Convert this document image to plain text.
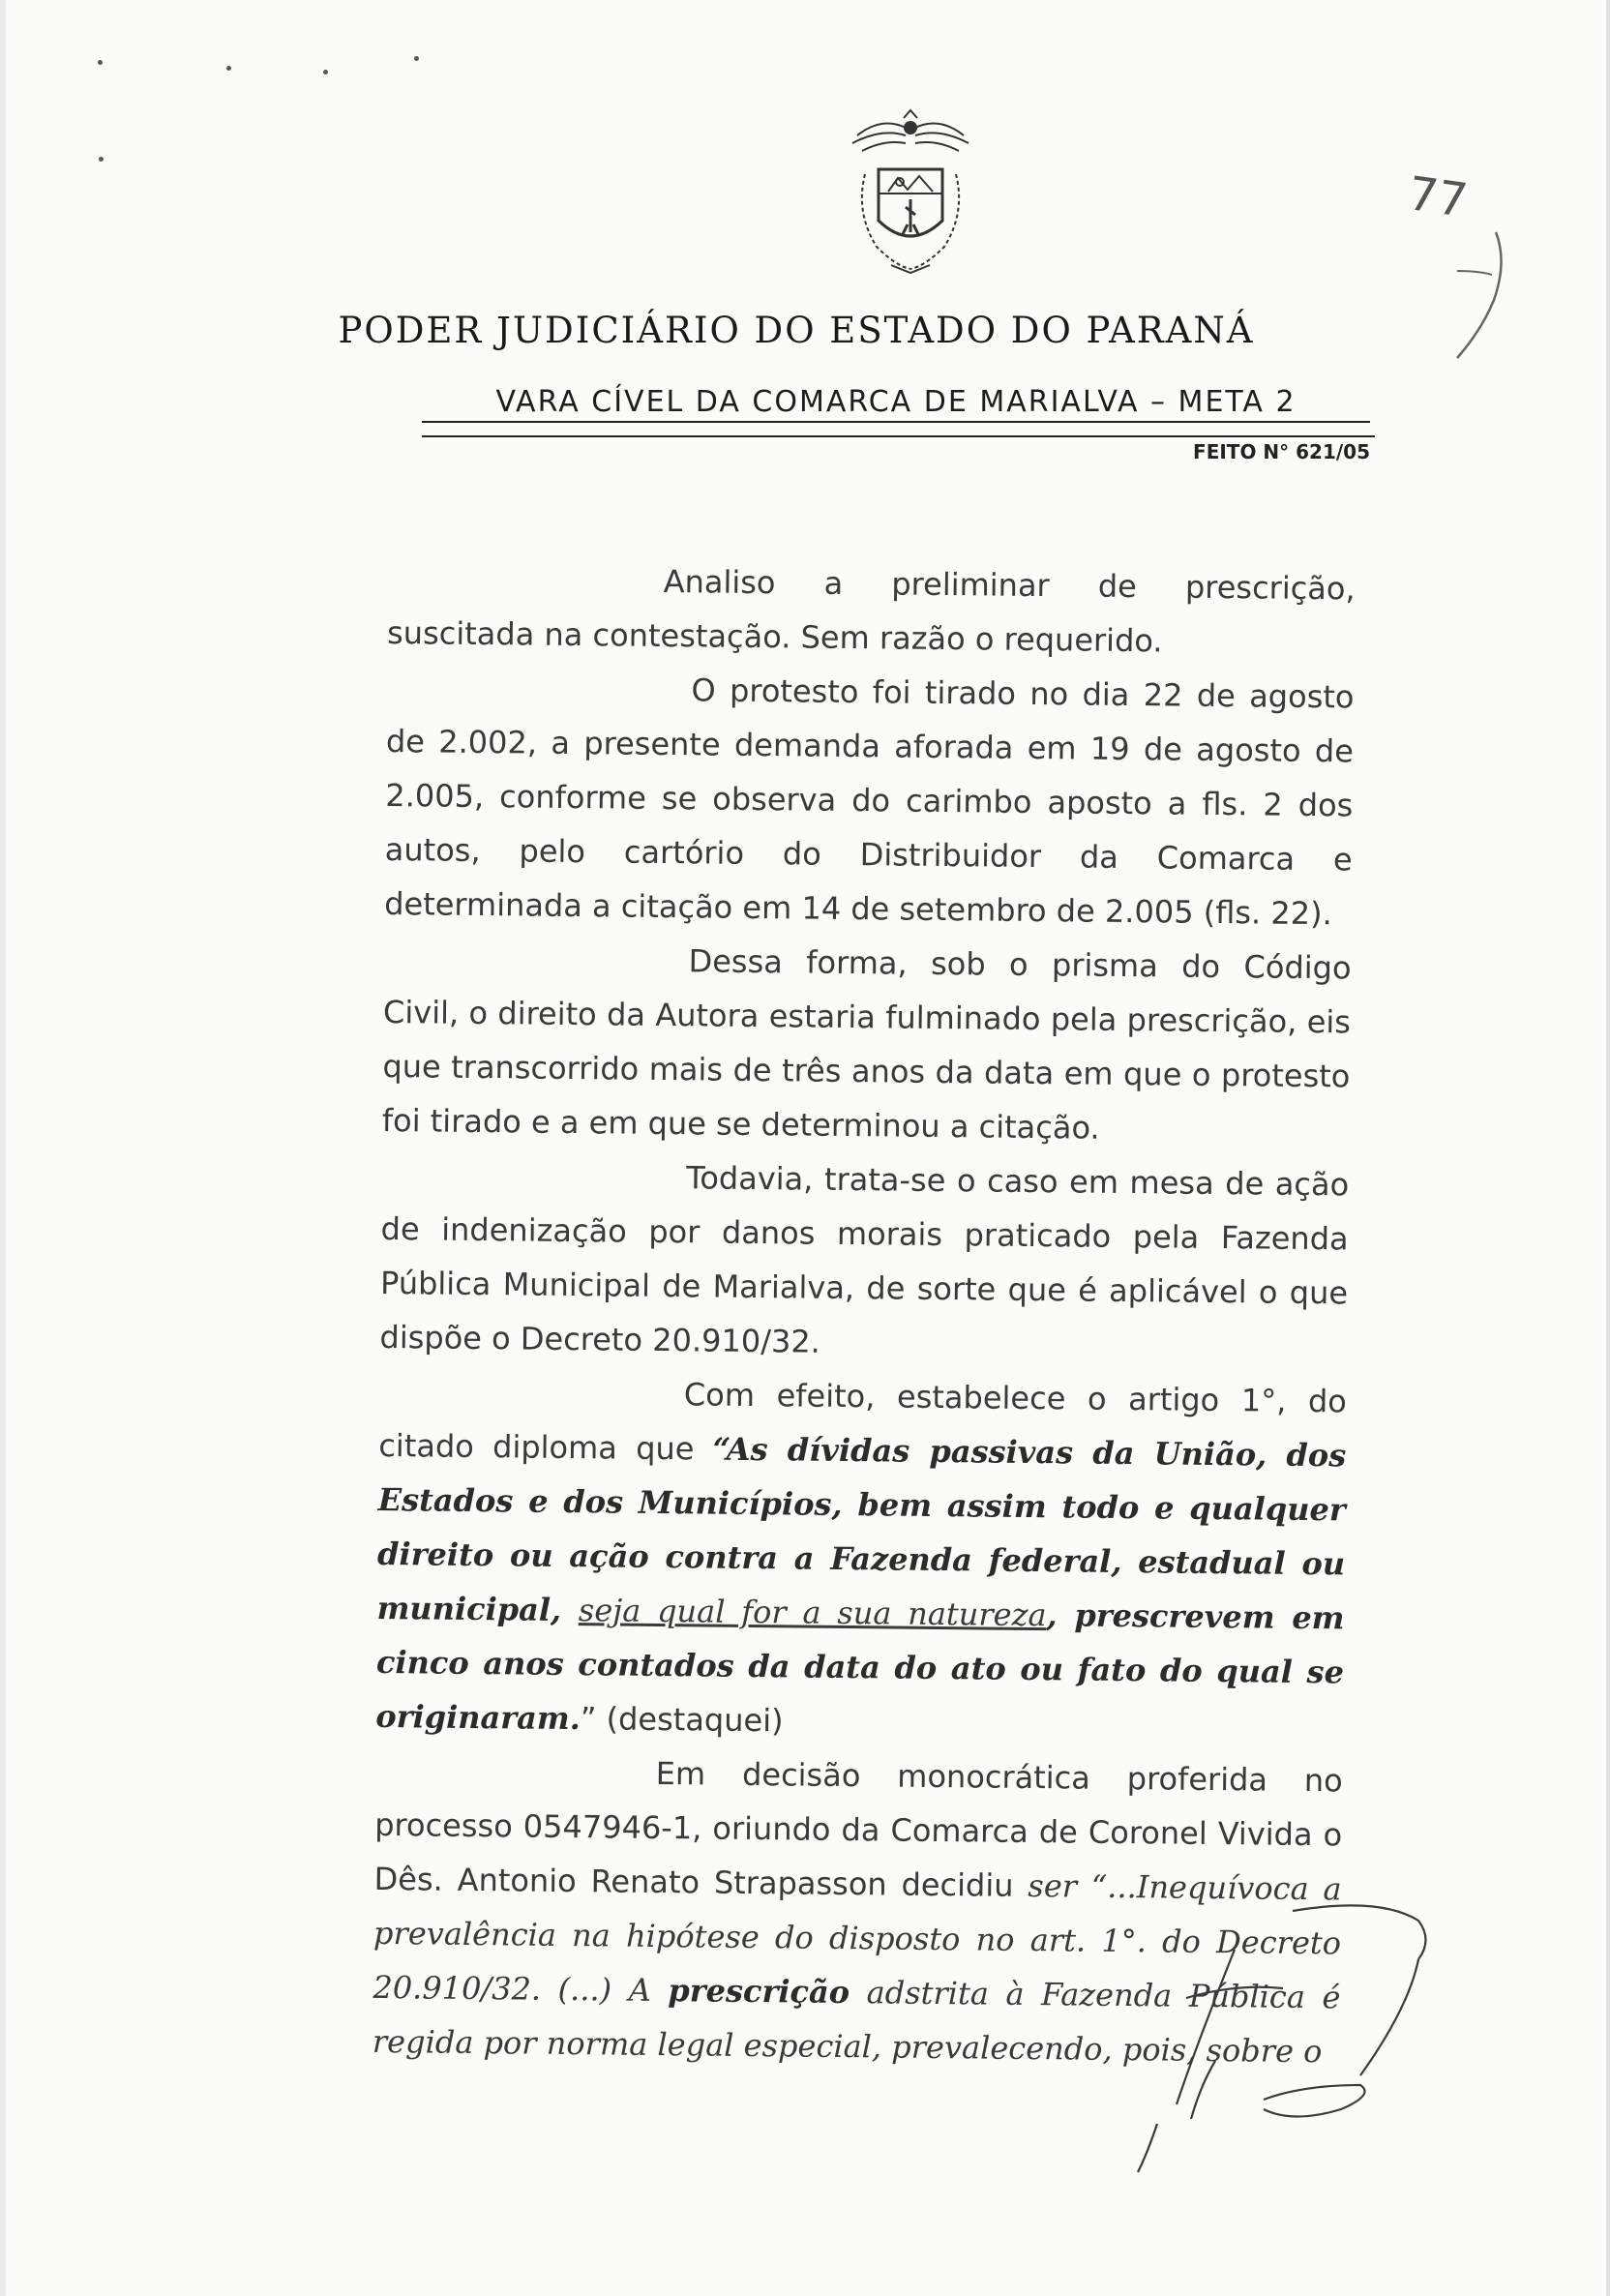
PODER JUDICIÁRIO DO ESTADO DO PARANÁ
VARA CÍVEL DA COMARCA DE MARIALVA – META 2
FEITO N° 621/05
77

Analiso a preliminar de prescrição, suscitada na contestação. Sem razão o requerido.

O protesto foi tirado no dia 22 de agosto de 2.002, a presente demanda aforada em 19 de agosto de 2.005, conforme se observa do carimbo aposto a fls. 2 dos autos, pelo cartório do Distribuidor da Comarca e determinada a citação em 14 de setembro de 2.005 (fls. 22).

Dessa forma, sob o prisma do Código Civil, o direito da Autora estaria fulminado pela prescrição, eis que transcorrido mais de três anos da data em que o protesto foi tirado e a em que se determinou a citação.

Todavia, trata-se o caso em mesa de ação de indenização por danos morais praticado pela Fazenda Pública Municipal de Marialva, de sorte que é aplicável o que dispõe o Decreto 20.910/32.

Com efeito, estabelece o artigo 1°, do citado diploma que “As dívidas passivas da União, dos Estados e dos Municípios, bem assim todo e qualquer direito ou ação contra a Fazenda federal, estadual ou municipal, seja qual for a sua natureza, prescrevem em cinco anos contados da data do ato ou fato do qual se originaram.” (destaquei)

Em decisão monocrática proferida no processo 0547946-1, oriundo da Comarca de Coronel Vivida o Dês. Antonio Renato Strapasson decidiu ser “...Inequívoca a prevalência na hipótese do disposto no art. 1°. do Decreto 20.910/32. (...) A prescrição adstrita à Fazenda Pública é regida por norma legal especial, prevalecendo, pois, sobre o
